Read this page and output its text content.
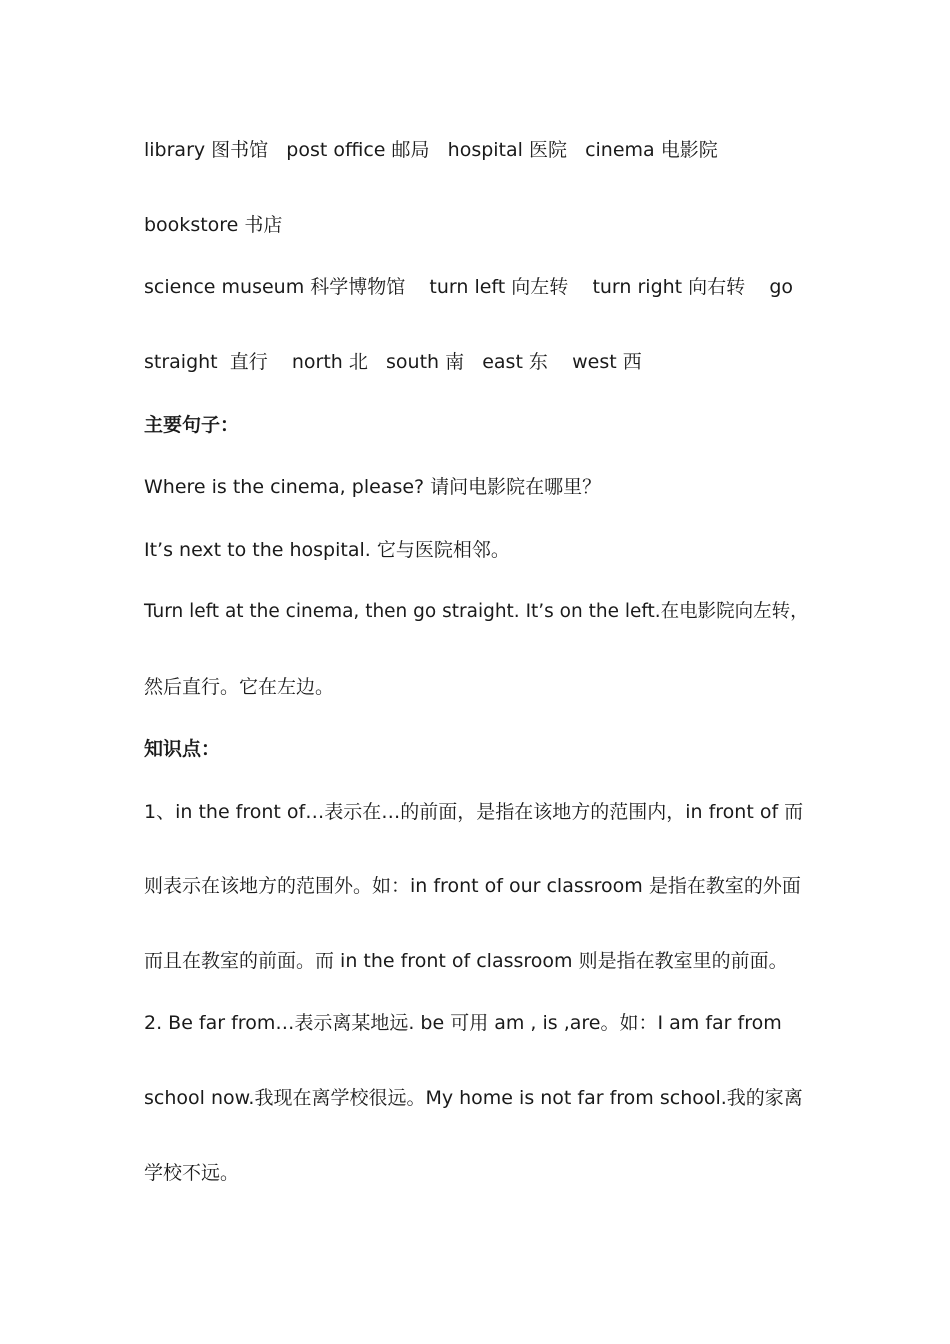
library 图书馆   post office 邮局   hospital 医院   cinema 电影院
bookstore 书店
science museum 科学博物馆    turn left 向左转    turn right 向右转    go
straight  直行    north 北   south 南   east 东    west 西
主要句子：
Where is the cinema, please? 请问电影院在哪里？
It’s next to the hospital. 它与医院相邻。
Turn left at the cinema, then go straight. It’s on the left.在电影院向左转，
然后直行。它在左边。
知识点：
1、in the front of…表示在…的前面，是指在该地方的范围内，in front of 而
则表示在该地方的范围外。如：in front of our classroom 是指在教室的外面
而且在教室的前面。而 in the front of classroom 则是指在教室里的前面。
2. Be far from…表示离某地远. be 可用 am , is ,are。如：I am far from
school now.我现在离学校很远。My home is not far from school.我的家离
学校不远。
